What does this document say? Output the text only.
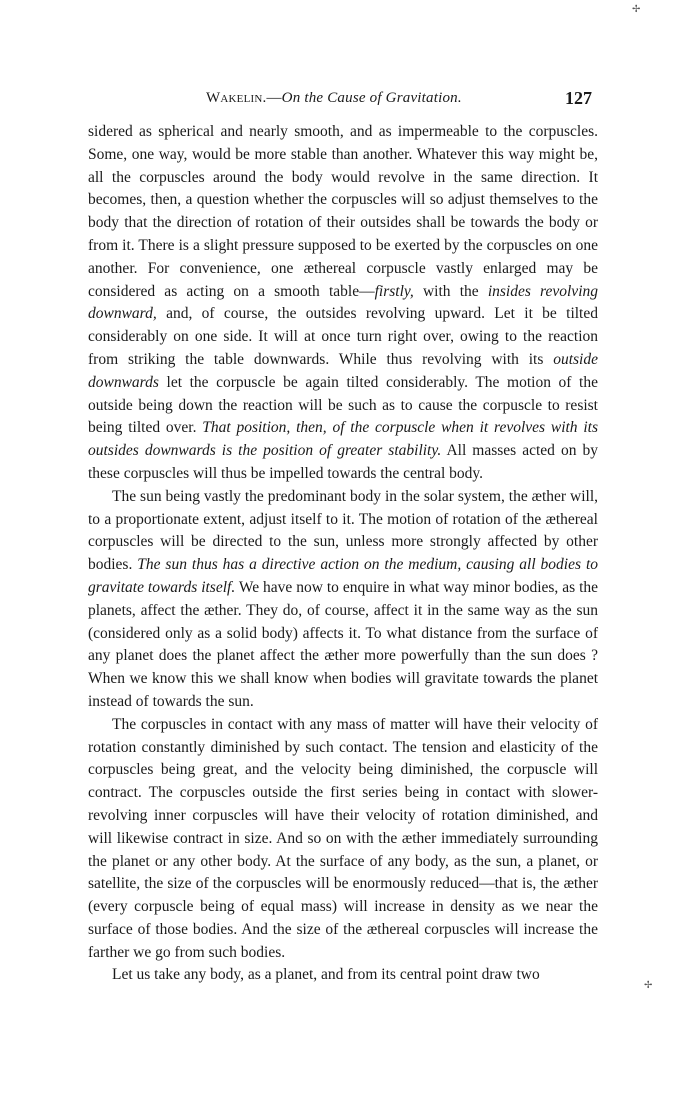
Wakelin.—On the Cause of Gravitation.	127

sidered as spherical and nearly smooth, and as impermeable to the corpuscles. Some, one way, would be more stable than another. Whatever this way might be, all the corpuscles around the body would revolve in the same direction. It becomes, then, a question whether the corpuscles will so adjust themselves to the body that the direction of rotation of their outsides shall be towards the body or from it. There is a slight pressure supposed to be exerted by the corpuscles on one another. For convenience, one æthereal corpuscle vastly enlarged may be considered as acting on a smooth table—firstly, with the insides revolving downward, and, of course, the outsides revolving upward. Let it be tilted considerably on one side. It will at once turn right over, owing to the reaction from striking the table downwards. While thus revolving with its outside downwards let the corpuscle be again tilted considerably. The motion of the outside being down the reaction will be such as to cause the corpuscle to resist being tilted over. That position, then, of the corpuscle when it revolves with its outsides downwards is the position of greater stability. All masses acted on by these corpuscles will thus be impelled towards the central body.

The sun being vastly the predominant body in the solar system, the æther will, to a proportionate extent, adjust itself to it. The motion of rotation of the æthereal corpuscles will be directed to the sun, unless more strongly affected by other bodies. The sun thus has a directive action on the medium, causing all bodies to gravitate towards itself. We have now to enquire in what way minor bodies, as the planets, affect the æther. They do, of course, affect it in the same way as the sun (considered only as a solid body) affects it. To what distance from the surface of any planet does the planet affect the æther more powerfully than the sun does ? When we know this we shall know when bodies will gravitate towards the planet instead of towards the sun.

The corpuscles in contact with any mass of matter will have their velocity of rotation constantly diminished by such contact. The tension and elasticity of the corpuscles being great, and the velocity being diminished, the corpuscle will contract. The corpuscles outside the first series being in contact with slower-revolving inner corpuscles will have their velocity of rotation diminished, and will likewise contract in size. And so on with the æther immediately surrounding the planet or any other body. At the surface of any body, as the sun, a planet, or satellite, the size of the corpuscles will be enormously reduced—that is, the æther (every corpuscle being of equal mass) will increase in density as we near the surface of those bodies. And the size of the æthereal corpuscles will increase the farther we go from such bodies.

Let us take any body, as a planet, and from its central point draw two

✢
✢
